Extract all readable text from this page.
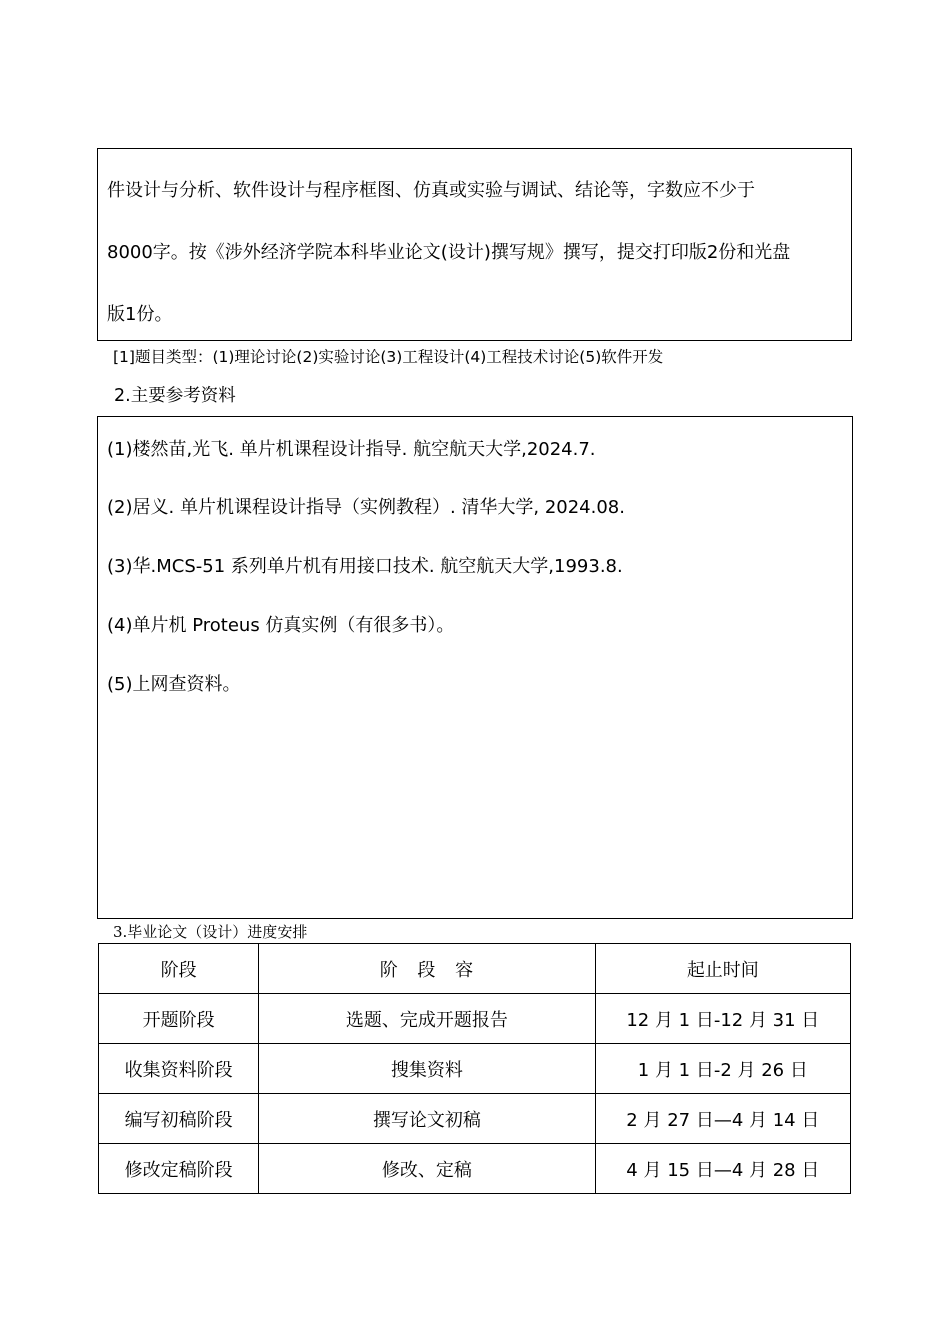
件设计与分析、软件设计与程序框图、仿真或实验与调试、结论等，字数应不少于
8000字。按《涉外经济学院本科毕业论文(设计)撰写规》撰写，提交打印版2份和光盘
版1份。
[1]题目类型：(1)理论讨论(2)实验讨论(3)工程设计(4)工程技术讨论(5)软件开发
2.主要参考资料
(1)楼然苗,光飞. 单片机课程设计指导. 航空航天大学,2024.7.
(2)居义. 单片机课程设计指导（实例教程）. 清华大学, 2024.08.
(3)华.MCS-51 系列单片机有用接口技术. 航空航天大学,1993.8.
(4)单片机 Proteus 仿真实例（有很多书）。
(5)上网查资料。
3.毕业论文（设计）进度安排
阶段	阶 段 容	起止时间
开题阶段	选题、完成开题报告	12 月 1 日-12 月 31 日
收集资料阶段	搜集资料	1 月 1 日-2 月 26 日
编写初稿阶段	撰写论文初稿	2 月 27 日—4 月 14 日
修改定稿阶段	修改、定稿	4 月 15 日—4 月 28 日
